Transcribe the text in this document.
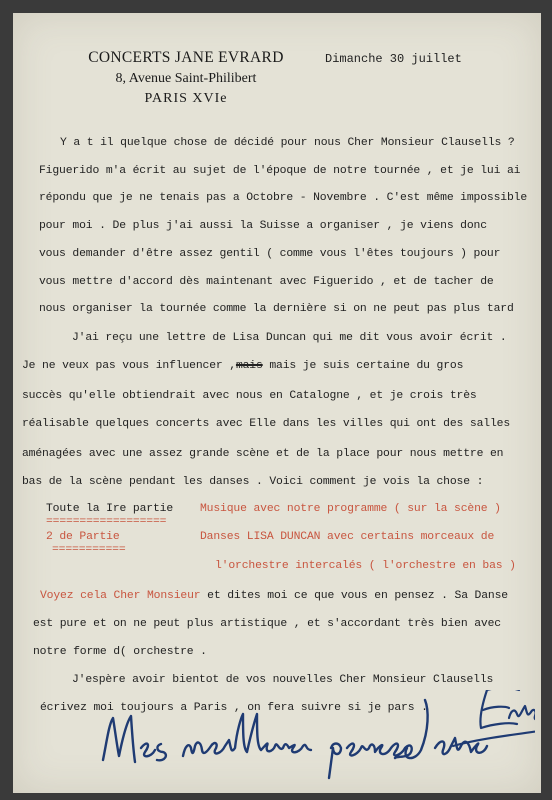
CONCERTS JANE EVRARD
8, Avenue Saint-Philibert
PARIS XVIe
Dimanche 30 juillet
Y a t il quelque chose de décidé pour nous Cher Monsieur Clausells ?
Figuerido m'a écrit au sujet de l'époque de notre tournée , et je lui ai
répondu que je ne tenais pas a Octobre - Novembre . C'est même impossible
pour moi . De plus j'ai aussi la Suisse a organiser , je viens donc
vous demander d'être assez gentil ( comme vous l'êtes toujours ) pour
vous mettre d'accord dès maintenant avec Figuerido , et de tacher de
nous organiser la tournée comme la dernière si on ne peut pas plus tard
J'ai reçu une lettre de Lisa Duncan qui me dit vous avoir écrit .
Je ne veux pas vous influencer ,mais mais je suis certaine du gros
succès qu'elle obtiendrait avec nous en Catalogne , et je crois très
réalisable quelques concerts avec Elle dans les villes qui ont des salles
aménagées avec une assez grande scène et de la place pour nous mettre en
bas de la scène pendant les danses . Voici comment je vois la chose :
Toute la Ire partie
==================
Musique avec notre programme ( sur la scène )
2 de Partie
===========
Danses LISA DUNCAN avec certains morceaux de
l'orchestre intercalés ( l'orchestre en bas )
Voyez cela Cher Monsieur et dites moi ce que vous en pensez . Sa Danse
est pure et on ne peut plus artistique , et s'accordant très bien avec
notre forme d( orchestre .
J'espère avoir bientot de vos nouvelles Cher Monsieur Clausells
écrivez moi toujours a Paris , on fera suivre si je pars .
